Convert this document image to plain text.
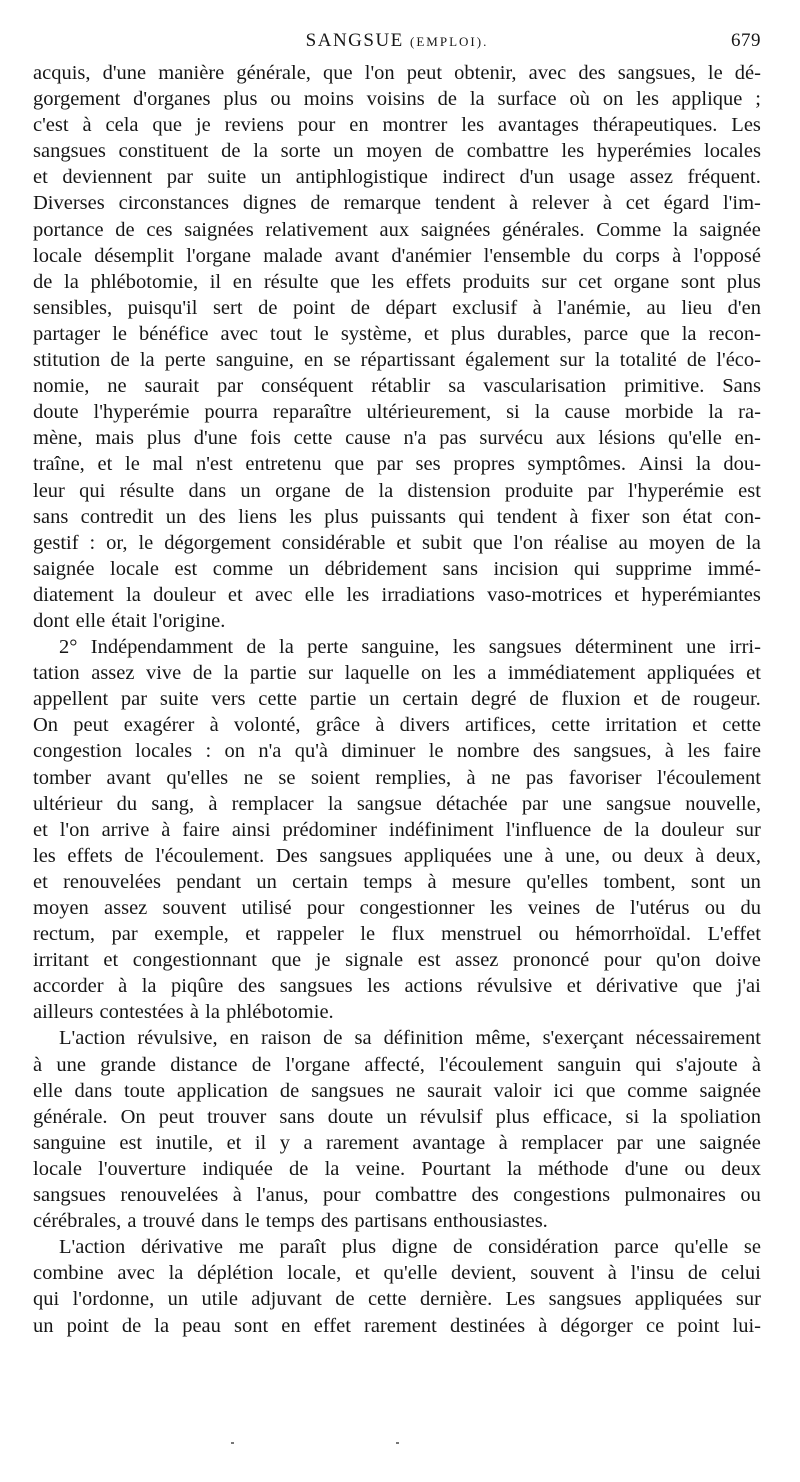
SANGSUE (EMPLOI).	679
acquis, d'une manière générale, que l'on peut obtenir, avec des sangsues, le dé-
gorgement d'organes plus ou moins voisins de la surface où on les applique ;
c'est à cela que je reviens pour en montrer les avantages thérapeutiques. Les
sangsues constituent de la sorte un moyen de combattre les hyperémies locales
et deviennent par suite un antiphlogistique indirect d'un usage assez fréquent.
Diverses circonstances dignes de remarque tendent à relever à cet égard l'im-
portance de ces saignées relativement aux saignées générales. Comme la saignée
locale désemplit l'organe malade avant d'anémier l'ensemble du corps à l'opposé
de la phlébotomie, il en résulte que les effets produits sur cet organe sont plus
sensibles, puisqu'il sert de point de départ exclusif à l'anémie, au lieu d'en
partager le bénéfice avec tout le système, et plus durables, parce que la recon-
stitution de la perte sanguine, en se répartissant également sur la totalité de l'éco-
nomie, ne saurait par conséquent rétablir sa vascularisation primitive. Sans
doute l'hyperémie pourra reparaître ultérieurement, si la cause morbide la ra-
mène, mais plus d'une fois cette cause n'a pas survécu aux lésions qu'elle en-
traîne, et le mal n'est entretenu que par ses propres symptômes. Ainsi la dou-
leur qui résulte dans un organe de la distension produite par l'hyperémie est
sans contredit un des liens les plus puissants qui tendent à fixer son état con-
gestif : or, le dégorgement considérable et subit que l'on réalise au moyen de la
saignée locale est comme un débridement sans incision qui supprime immé-
diatement la douleur et avec elle les irradiations vaso-motrices et hyperémiantes
dont elle était l'origine.
2° Indépendamment de la perte sanguine, les sangsues déterminent une irri-
tation assez vive de la partie sur laquelle on les a immédiatement appliquées et
appellent par suite vers cette partie un certain degré de fluxion et de rougeur.
On peut exagérer à volonté, grâce à divers artifices, cette irritation et cette
congestion locales : on n'a qu'à diminuer le nombre des sangsues, à les faire
tomber avant qu'elles ne se soient remplies, à ne pas favoriser l'écoulement
ultérieur du sang, à remplacer la sangsue détachée par une sangsue nouvelle,
et l'on arrive à faire ainsi prédominer indéfiniment l'influence de la douleur sur
les effets de l'écoulement. Des sangsues appliquées une à une, ou deux à deux,
et renouvelées pendant un certain temps à mesure qu'elles tombent, sont un
moyen assez souvent utilisé pour congestionner les veines de l'utérus ou du
rectum, par exemple, et rappeler le flux menstruel ou hémorrhoïdal. L'effet
irritant et congestionnant que je signale est assez prononcé pour qu'on doive
accorder à la piqûre des sangsues les actions révulsive et dérivative que j'ai
ailleurs contestées à la phlébotomie.
L'action révulsive, en raison de sa définition même, s'exerçant nécessairement
à une grande distance de l'organe affecté, l'écoulement sanguin qui s'ajoute à
elle dans toute application de sangsues ne saurait valoir ici que comme saignée
générale. On peut trouver sans doute un révulsif plus efficace, si la spoliation
sanguine est inutile, et il y a rarement avantage à remplacer par une saignée
locale l'ouverture indiquée de la veine. Pourtant la méthode d'une ou deux
sangsues renouvelées à l'anus, pour combattre des congestions pulmonaires ou
cérébrales, a trouvé dans le temps des partisans enthousiastes.
L'action dérivative me paraît plus digne de considération parce qu'elle se
combine avec la déplétion locale, et qu'elle devient, souvent à l'insu de celui
qui l'ordonne, un utile adjuvant de cette dernière. Les sangsues appliquées sur
un point de la peau sont en effet rarement destinées à dégorger ce point lui-
